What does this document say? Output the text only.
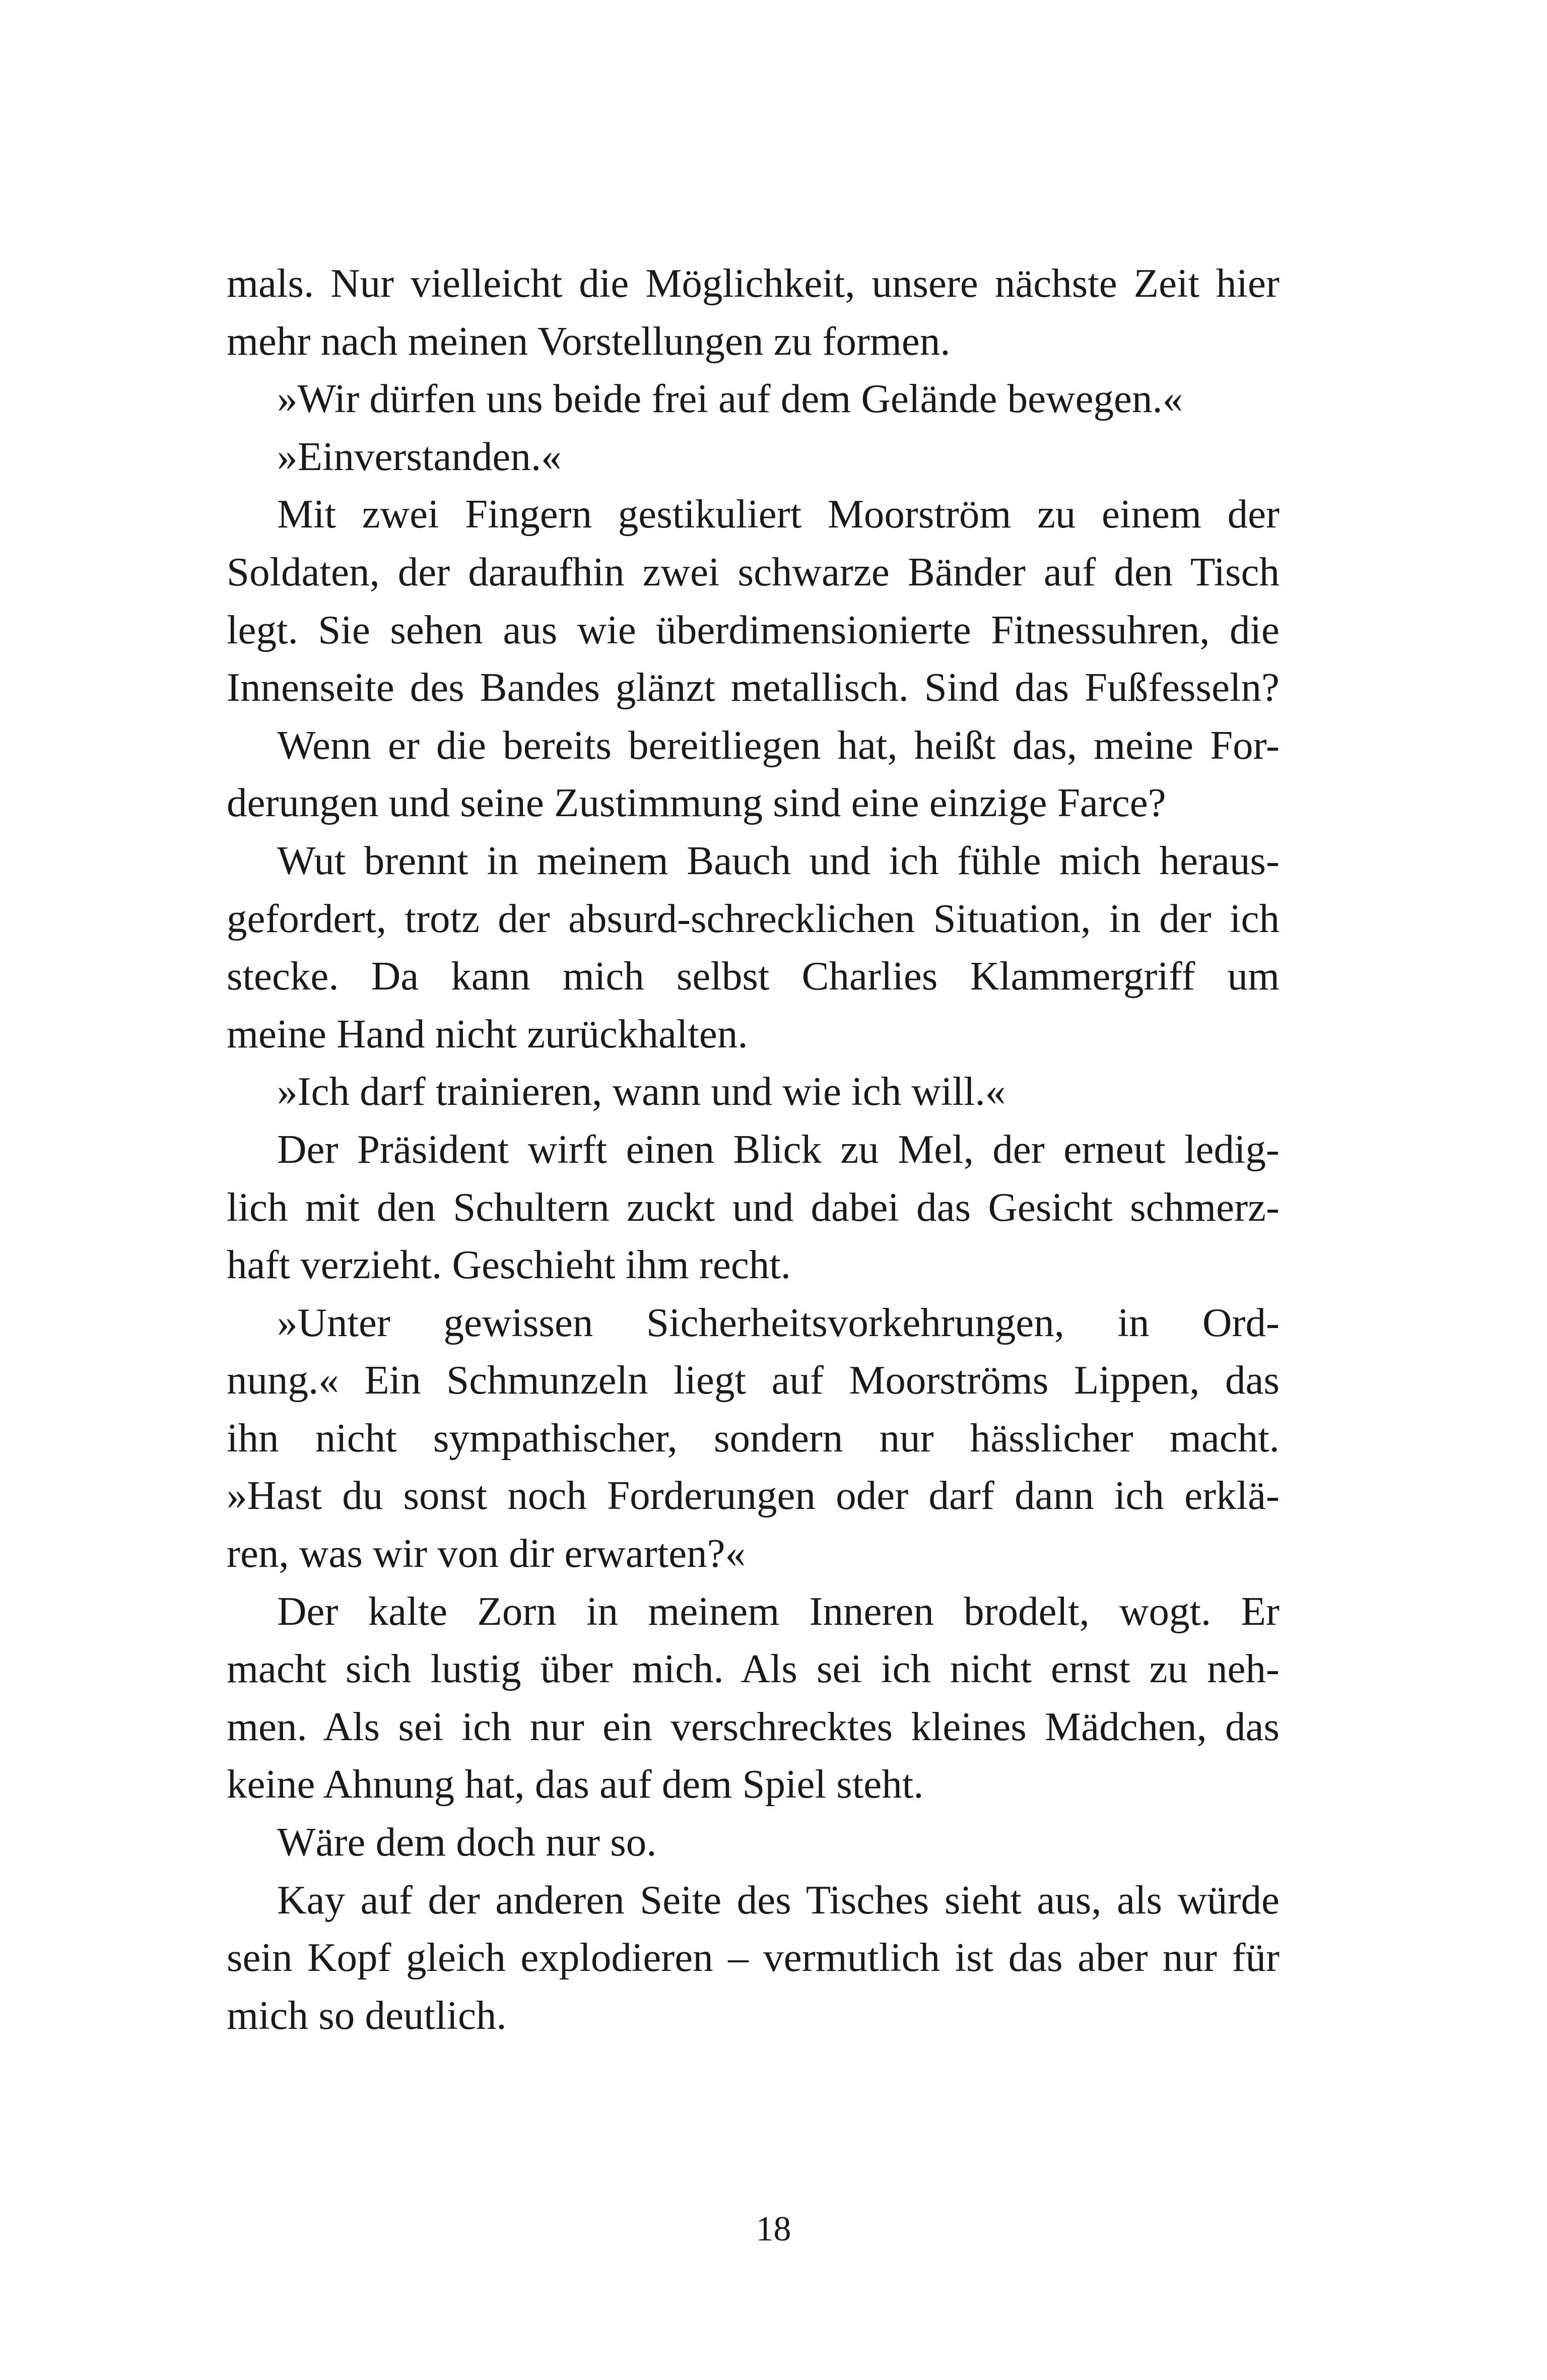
mals. Nur vielleicht die Möglichkeit, unsere nächste Zeit hier
mehr nach meinen Vorstellungen zu formen.
»Wir dürfen uns beide frei auf dem Gelände bewegen.«
»Einverstanden.«
Mit zwei Fingern gestikuliert Moorström zu einem der
Soldaten, der daraufhin zwei schwarze Bänder auf den Tisch
legt. Sie sehen aus wie überdimensionierte Fitnessuhren, die
Innenseite des Bandes glänzt metallisch. Sind das Fußfesseln?
Wenn er die bereits bereitliegen hat, heißt das, meine For-
derungen und seine Zustimmung sind eine einzige Farce?
Wut brennt in meinem Bauch und ich fühle mich heraus-
gefordert, trotz der absurd-schrecklichen Situation, in der ich
stecke. Da kann mich selbst Charlies Klammergriff um
meine Hand nicht zurückhalten.
»Ich darf trainieren, wann und wie ich will.«
Der Präsident wirft einen Blick zu Mel, der erneut ledig-
lich mit den Schultern zuckt und dabei das Gesicht schmerz-
haft verzieht. Geschieht ihm recht.
»Unter gewissen Sicherheitsvorkehrungen, in Ord-
nung.« Ein Schmunzeln liegt auf Moorströms Lippen, das
ihn nicht sympathischer, sondern nur hässlicher macht.
»Hast du sonst noch Forderungen oder darf dann ich erklä-
ren, was wir von dir erwarten?«
Der kalte Zorn in meinem Inneren brodelt, wogt. Er
macht sich lustig über mich. Als sei ich nicht ernst zu neh-
men. Als sei ich nur ein verschrecktes kleines Mädchen, das
keine Ahnung hat, das auf dem Spiel steht.
Wäre dem doch nur so.
Kay auf der anderen Seite des Tisches sieht aus, als würde
sein Kopf gleich explodieren – vermutlich ist das aber nur für
mich so deutlich.
18
